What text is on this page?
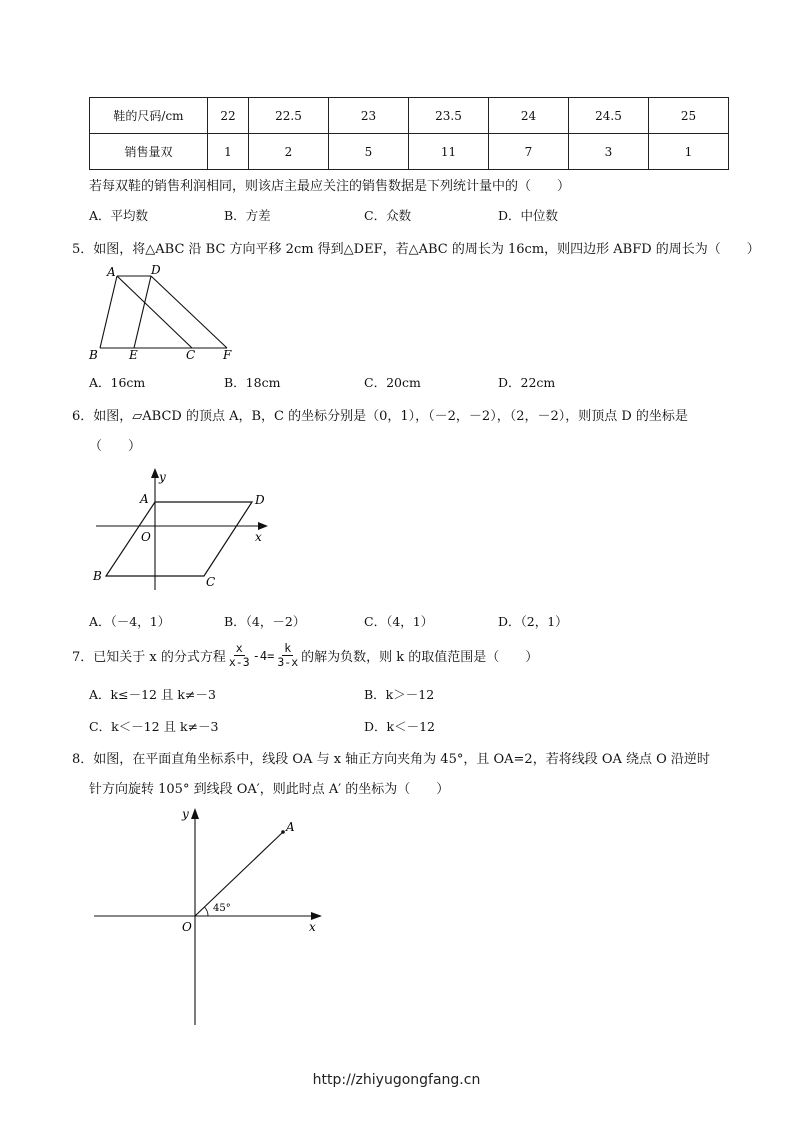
鞋的尺码/cm	22	22.5	23	23.5	24	24.5	25
销售量双	1	2	5	11	7	3	1
若每双鞋的销售利润相同，则该店主最应关注的销售数据是下列统计量中的（　　）
A．平均数	B．方差	C．众数	D．中位数
5．如图，将△ABC 沿 BC 方向平移 2cm 得到△DEF，若△ABC 的周长为 16cm，则四边形 ABFD 的周长为（　　）
A	D
B	E	C F
A．16cm	B．18cm	C．20cm	D．22cm
6．如图，▱ABCD 的顶点 A，B，C 的坐标分别是（0，1），（－2，－2），（2，－2），则顶点 D 的坐标是
（　　）
y
A	D
O	x
B	C
A．（－4，1）	B．（4，－2）	C．（4，1）	D．（2，1）
7．已知关于 x 的分式方程 $\frac{x}{x-3} -4= \frac{k}{3-x}$ 的解为负数，则 k 的取值范围是（　　）
A．k≤－12 且 k≠－3	B．k＞－12
C．k＜－12 且 k≠－3	D．k＜－12
8．如图，在平面直角坐标系中，线段 OA 与 x 轴正方向夹角为 45°，且 OA=2，若将线段 OA 绕点 O 沿逆时
针方向旋转 105° 到线段 OA′，则此时点 A′ 的坐标为（　　）
y
A
45°
O	x
http://zhiyugongfang.cn
